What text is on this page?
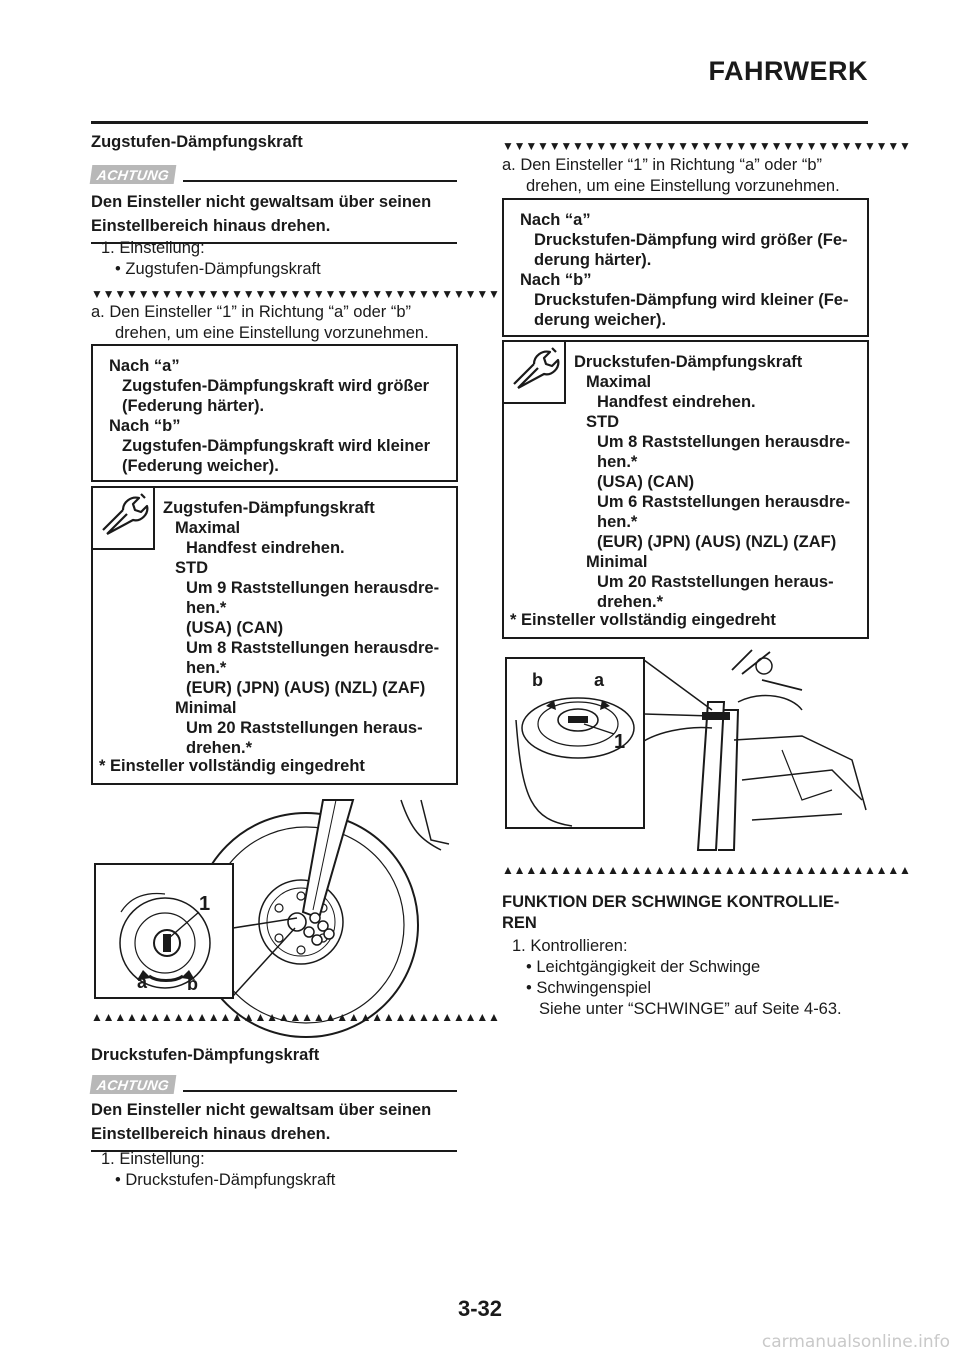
FAHRWERK
Zugstufen-Dämpfungskraft
ACHTUNG
Den Einsteller nicht gewaltsam über seinen
Einstellbereich hinaus drehen.
1. Einstellung:
• Zugstufen-Dämpfungskraft
▼▼▼▼▼▼▼▼▼▼▼▼▼▼▼▼▼▼▼▼▼▼▼▼▼▼▼▼▼▼▼▼▼▼▼
a. Den Einsteller “1” in Richtung “a” oder “b”
drehen, um eine Einstellung vorzunehmen.
Nach “a”
Zugstufen-Dämpfungskraft wird größer
(Federung härter).
Nach “b”
Zugstufen-Dämpfungskraft wird kleiner
(Federung weicher).
Zugstufen-Dämpfungskraft
Maximal
Handfest eindrehen.
STD
Um 9 Raststellungen herausdre-
hen.*
(USA) (CAN)
Um 8 Raststellungen herausdre-
hen.*
(EUR) (JPN) (AUS) (NZL) (ZAF)
Minimal
Um 20 Raststellungen heraus-
drehen.*
* Einsteller vollständig eingedreht
1
a b
▲▲▲▲▲▲▲▲▲▲▲▲▲▲▲▲▲▲▲▲▲▲▲▲▲▲▲▲▲▲▲▲▲▲▲
Druckstufen-Dämpfungskraft
ACHTUNG
Den Einsteller nicht gewaltsam über seinen
Einstellbereich hinaus drehen.
1. Einstellung:
• Druckstufen-Dämpfungskraft
▼▼▼▼▼▼▼▼▼▼▼▼▼▼▼▼▼▼▼▼▼▼▼▼▼▼▼▼▼▼▼▼▼▼▼
a. Den Einsteller “1” in Richtung “a” oder “b”
drehen, um eine Einstellung vorzunehmen.
Nach “a”
Druckstufen-Dämpfung wird größer (Fe-
derung härter).
Nach “b”
Druckstufen-Dämpfung wird kleiner (Fe-
derung weicher).
Druckstufen-Dämpfungskraft
Maximal
Handfest eindrehen.
STD
Um 8 Raststellungen herausdre-
hen.*
(USA) (CAN)
Um 6 Raststellungen herausdre-
hen.*
(EUR) (JPN) (AUS) (NZL) (ZAF)
Minimal
Um 20 Raststellungen heraus-
drehen.*
* Einsteller vollständig eingedreht
b	a
1
▲▲▲▲▲▲▲▲▲▲▲▲▲▲▲▲▲▲▲▲▲▲▲▲▲▲▲▲▲▲▲▲▲▲▲
FUNKTION DER SCHWINGE KONTROLLIE-
REN
1. Kontrollieren:
• Leichtgängigkeit der Schwinge
• Schwingenspiel
Siehe unter “SCHWINGE” auf Seite 4-63.
3-32
carmanualsonline.info
